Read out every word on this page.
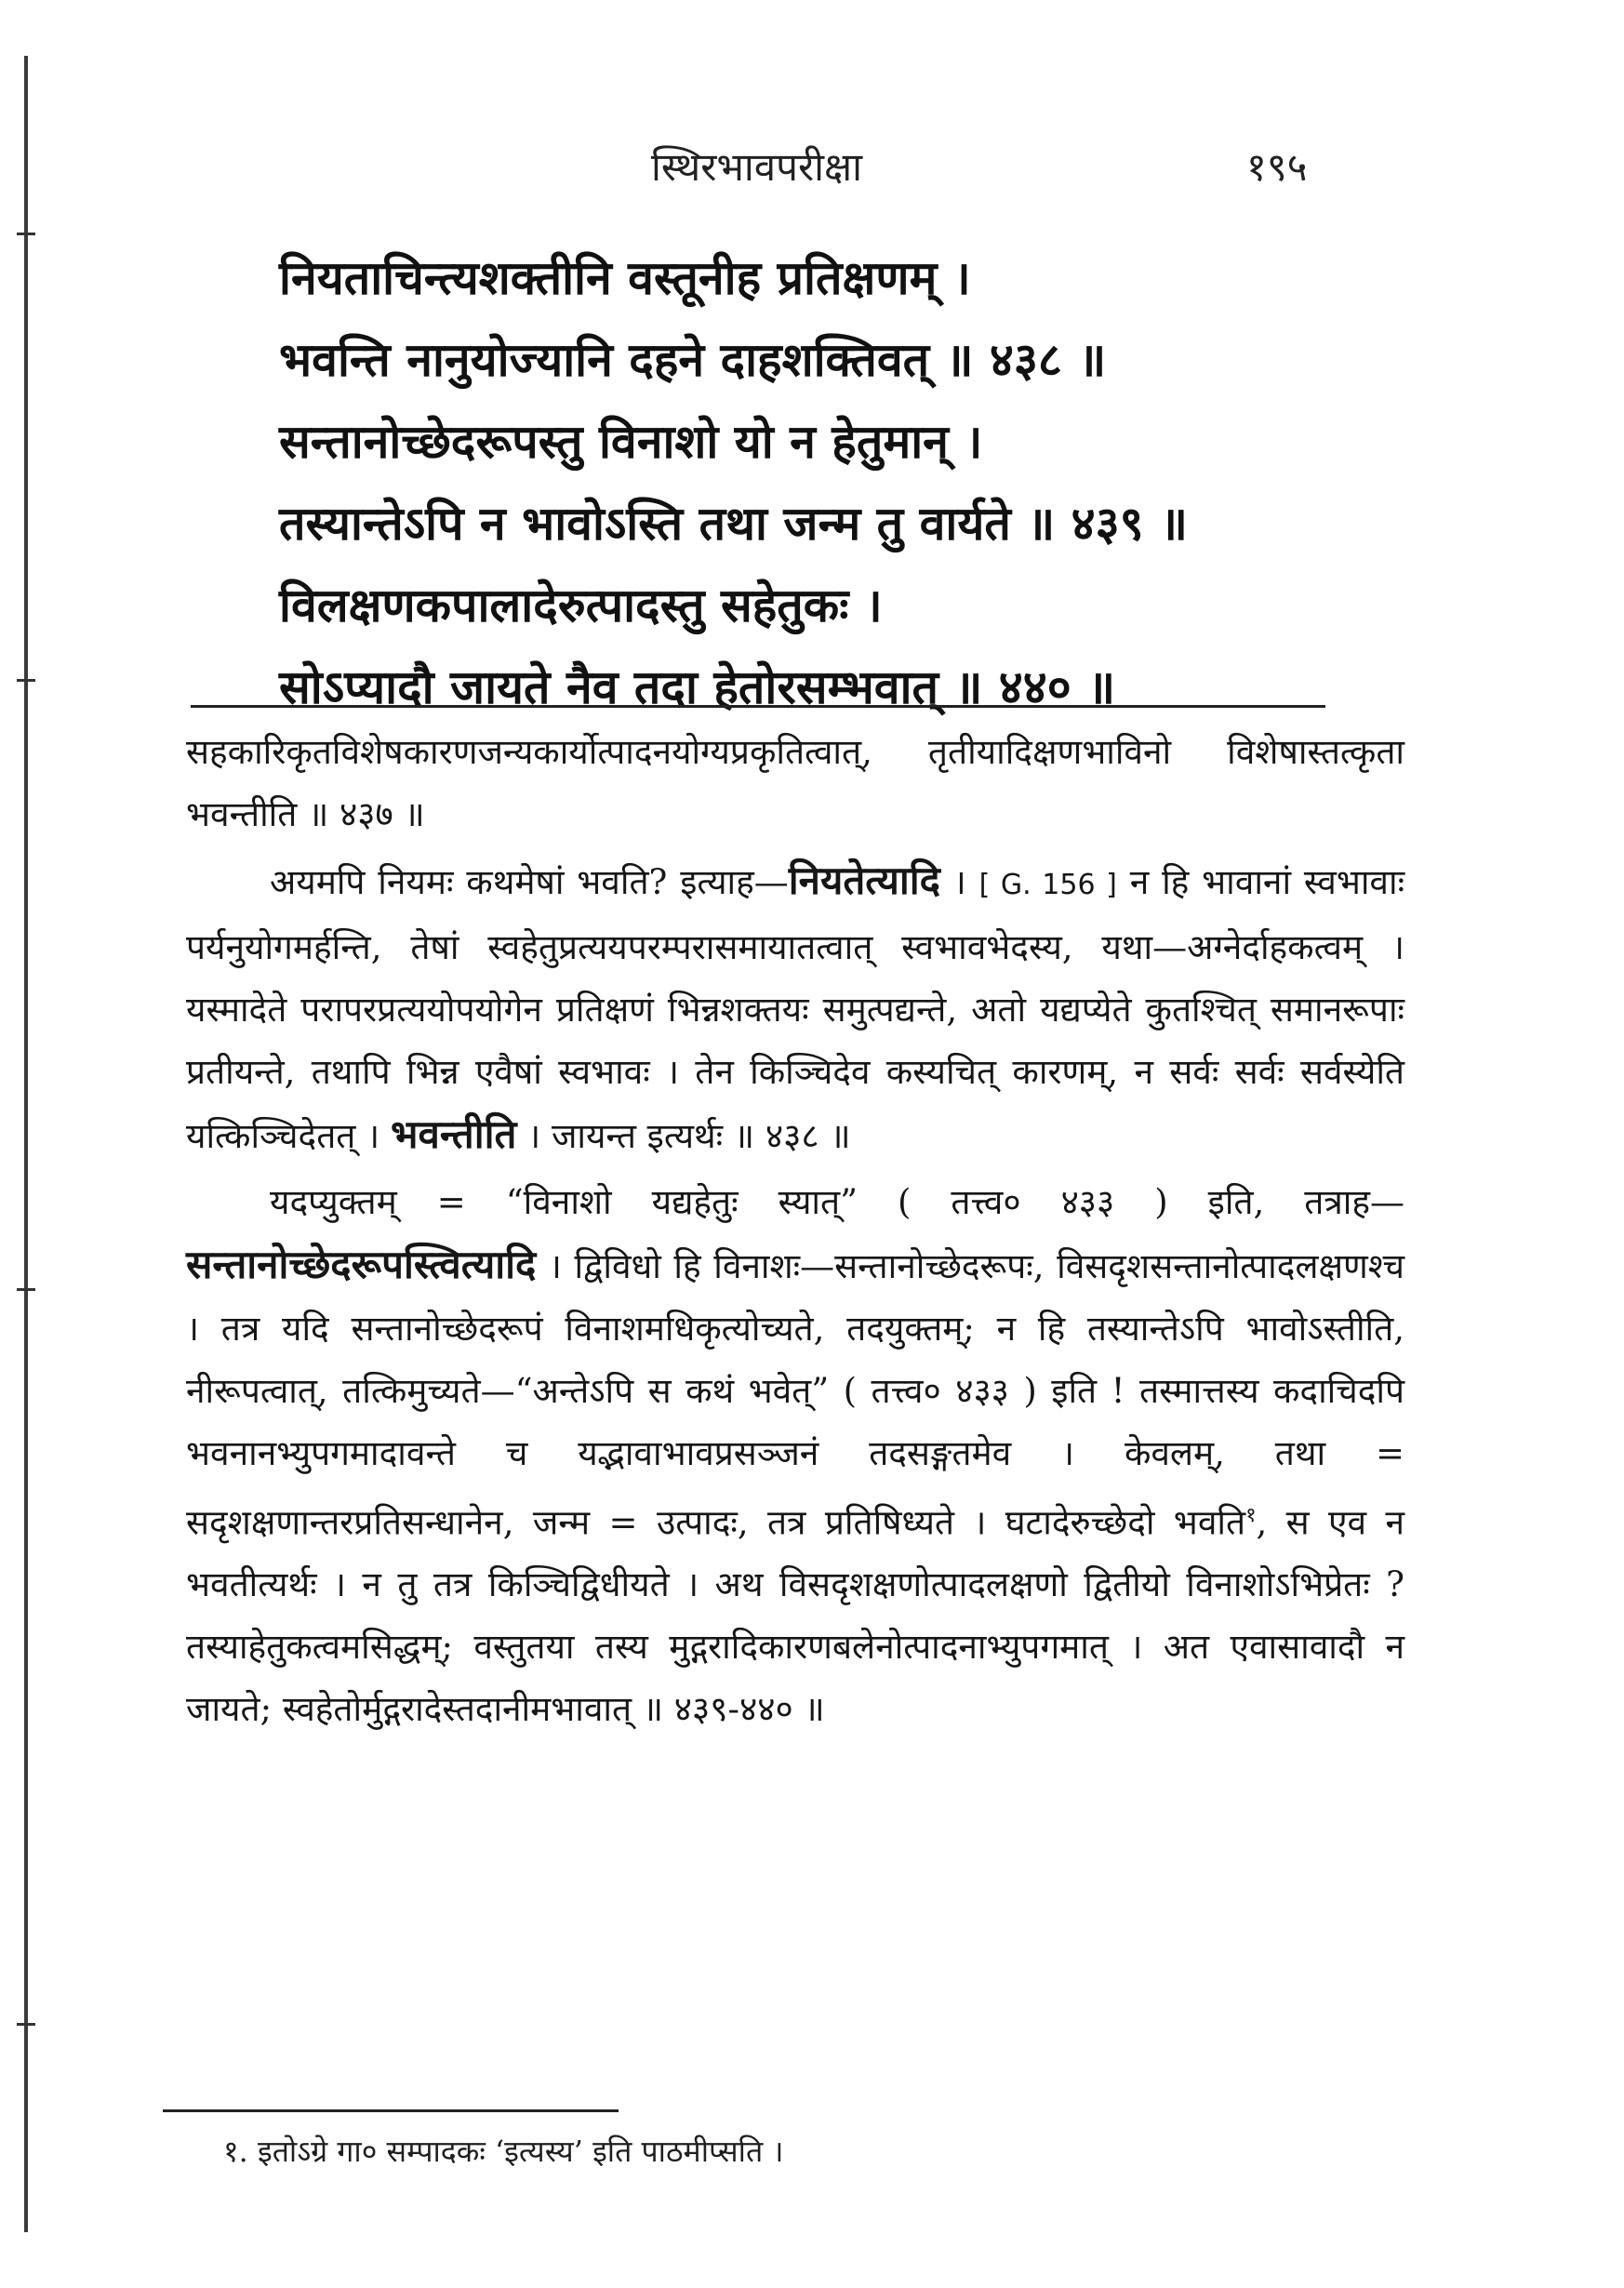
स्थिरभावपरीक्षा	१९५
नियताचिन्त्यशक्तीनि वस्तूनीह प्रतिक्षणम् ।
भवन्ति नानुयोज्यानि दहने दाहशक्तिवत् ॥ ४३८ ॥
सन्तानोच्छेदरूपस्तु विनाशो यो न हेतुमान् ।
तस्यान्तेऽपि न भावोऽस्ति तथा जन्म तु वार्यते ॥ ४३९ ॥
विलक्षणकपालादेरुत्पादस्तु सहेतुकः ।
सोऽप्यादौ जायते नैव तदा हेतोरसम्भवात् ॥ ४४० ॥

सहकारिकृतविशेषकारणजन्यकार्योत्पादनयोग्यप्रकृतित्वात्, तृतीयादिक्षणभाविनो विशेषास्तत्कृता भवन्तीति ॥ ४३७ ॥

अयमपि नियमः कथमेषां भवति? इत्याह—नियतेत्यादि । [ G. 156 ] न हि भावानां स्वभावाः पर्यनुयोगमर्हन्ति, तेषां स्वहेतुप्रत्ययपरम्परासमायातत्वात् स्वभावभेदस्य, यथा—अग्नेर्दाहकत्वम् । यस्मादेते परापरप्रत्ययोपयोगेन प्रतिक्षणं भिन्नशक्तयः समुत्पद्यन्ते, अतो यद्यप्येते कुतश्चित् समानरूपाः प्रतीयन्ते, तथापि भिन्न एवैषां स्वभावः । तेन किञ्चिदेव कस्यचित् कारणम्, न सर्वः सर्वः सर्वस्येति यत्किञ्चिदेतत् । भवन्तीति । जायन्त इत्यर्थः ॥ ४३८ ॥

यदप्युक्तम् = “विनाशो यद्यहेतुः स्यात्” ( तत्त्व० ४३३ ) इति, तत्राह— सन्तानोच्छेदरूपस्त्वित्यादि । द्विविधो हि विनाशः—सन्तानोच्छेदरूपः, विसदृशसन्तानोत्पादलक्षणश्च । तत्र यदि सन्तानोच्छेदरूपं विनाशमधिकृत्योच्यते, तदयुक्तम्; न हि तस्यान्तेऽपि भावोऽस्तीति, नीरूपत्वात्, तत्किमुच्यते—“अन्तेऽपि स कथं भवेत्” ( तत्त्व० ४३३ ) इति ! तस्मात्तस्य कदाचिदपि भवनानभ्युपगमादावन्ते च यद्भावाभावप्रसञ्जनं तदसङ्गतमेव । केवलम्, तथा = सदृशक्षणान्तरप्रतिसन्धानेन, जन्म = उत्पादः, तत्र प्रतिषिध्यते । घटादेरुच्छेदो भवति$^१$, स एव न भवतीत्यर्थः । न तु तत्र किञ्चिद्विधीयते । अथ विसदृशक्षणोत्पादलक्षणो द्वितीयो विनाशोऽभिप्रेतः ? तस्याहेतुकत्वमसिद्धम्; वस्तुतया तस्य मुद्गरादिकारणबलेनोत्पादनाभ्युपगमात् । अत एवासावादौ न जायते; स्वहेतोर्मुद्गरादेस्तदानीमभावात् ॥ ४३९-४४० ॥

१. इतोऽग्रे गा० सम्पादकः ‘इत्यस्य’ इति पाठमीप्सति ।
